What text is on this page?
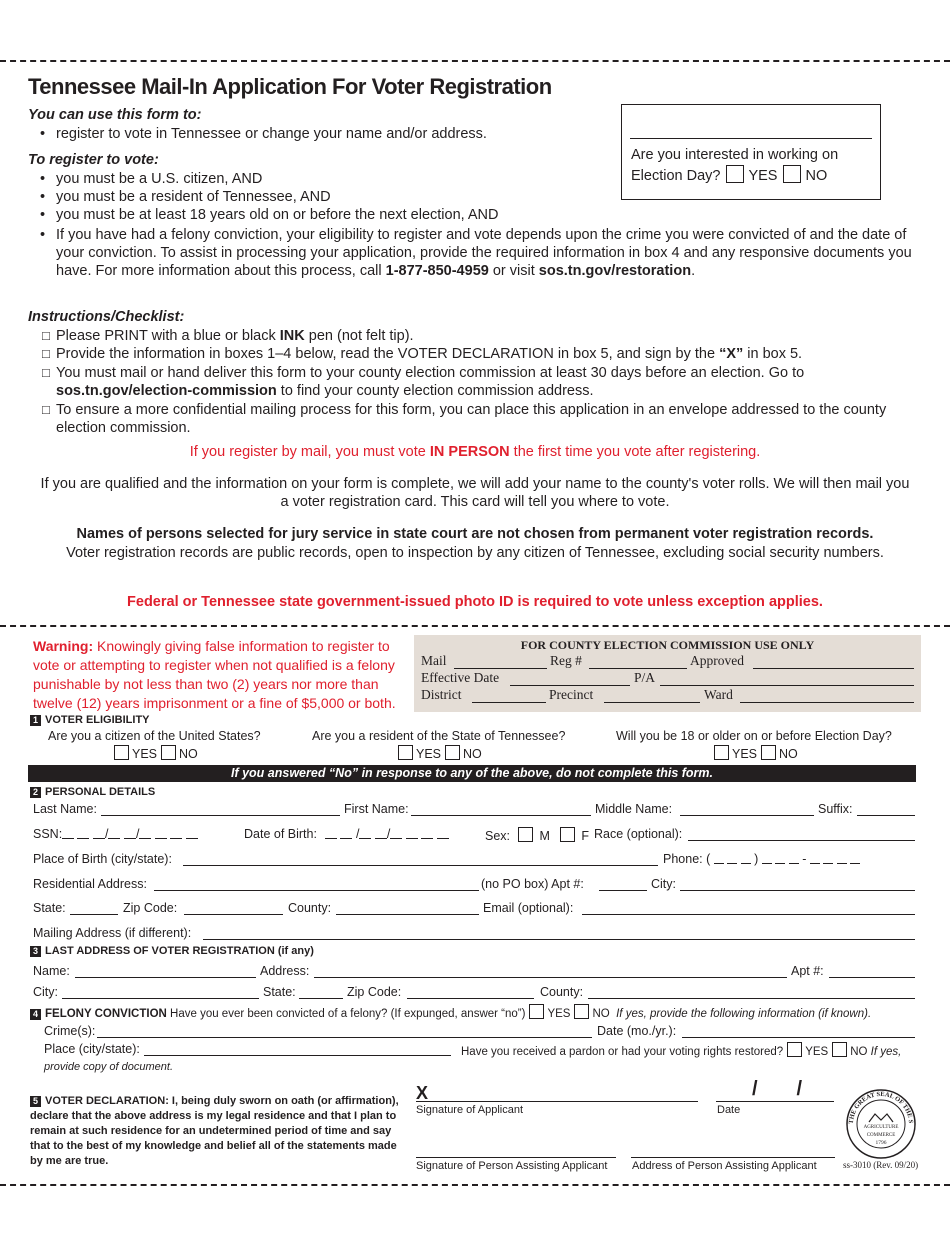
Tennessee Mail-In Application For Voter Registration
Are you interested in working on
Election Day? YES NO
You can use this form to:
• register to vote in Tennessee or change your name and/or address.
To register to vote:
• you must be a U.S. citizen, AND
• you must be a resident of Tennessee, AND
• you must be at least 18 years old on or before the next election, AND
• If you have had a felony conviction, your eligibility to register and vote depends upon the crime you were convicted of and the date of your conviction. To assist in processing your application, provide the required information in box 4 and any responsive documents you have. For more information about this process, call 1-877-850-4959 or visit sos.tn.gov/restoration.
Instructions/Checklist:
□ Please PRINT with a blue or black INK pen (not felt tip).
□ Provide the information in boxes 1–4 below, read the VOTER DECLARATION in box 5, and sign by the “X” in box 5.
□ You must mail or hand deliver this form to your county election commission at least 30 days before an election. Go to sos.tn.gov/election-commission to find your county election commission address.
□ To ensure a more confidential mailing process for this form, you can place this application in an envelope addressed to the county election commission.
If you register by mail, you must vote IN PERSON the first time you vote after registering.
If you are qualified and the information on your form is complete, we will add your name to the county's voter rolls. We will then mail you a voter registration card. This card will tell you where to vote.
Names of persons selected for jury service in state court are not chosen from permanent voter registration records.
Voter registration records are public records, open to inspection by any citizen of Tennessee, excluding social security numbers.
Federal or Tennessee state government-issued photo ID is required to vote unless exception applies.
Warning: Knowingly giving false information to register to vote or attempting to register when not qualified is a felony punishable by not less than two (2) years nor more than twelve (12) years imprisonment or a fine of $5,000 or both.
FOR COUNTY ELECTION COMMISSION USE ONLY
Mail	Reg #	Approved
Effective Date	P/A
District	Precinct	Ward
1 VOTER ELIGIBILITY
Are you a citizen of the United States?	Are you a resident of the State of Tennessee?	Will you be 18 or older on or before Election Day?
YES NO	YES NO	YES NO
If you answered “No” in response to any of the above, do not complete this form.
2 PERSONAL DETAILS
Last Name:	First Name:	Middle Name:	Suffix:
SSN:	/ /	Date of Birth:	/ /	Sex: M	F Race (optional):
Place of Birth (city/state):	Phone: (	)	-
Residential Address:	(no PO box) Apt #:	City:
State:	Zip Code:	County:	Email (optional):
Mailing Address (if different):
3 LAST ADDRESS OF VOTER REGISTRATION (if any)
Name:	Address:	Apt #:
City:	State:	Zip Code:	County:
4 FELONY CONVICTION Have you ever been convicted of a felony? (If expunged, answer “no”) YES NO If yes, provide the following information (if known).
Crime(s):	Date (mo./yr.):
Place (city/state):	Have you received a pardon or had your voting rights restored? YES NO If yes,
provide copy of document.
5 VOTER DECLARATION: I, being duly sworn on oath (or affirmation), declare that the above address is my legal residence and that I plan to remain at such residence for an undetermined period of time and say that to the best of my knowledge and belief all of the statements made by me are true.
X
Signature of Applicant
/       /
Date
Signature of Person Assisting Applicant Address of Person Assisting Applicant
THE GREAT SEAL OF THE S
AGRICULTURE
COMMERCE
1796
ss-3010 (Rev. 09/20)
